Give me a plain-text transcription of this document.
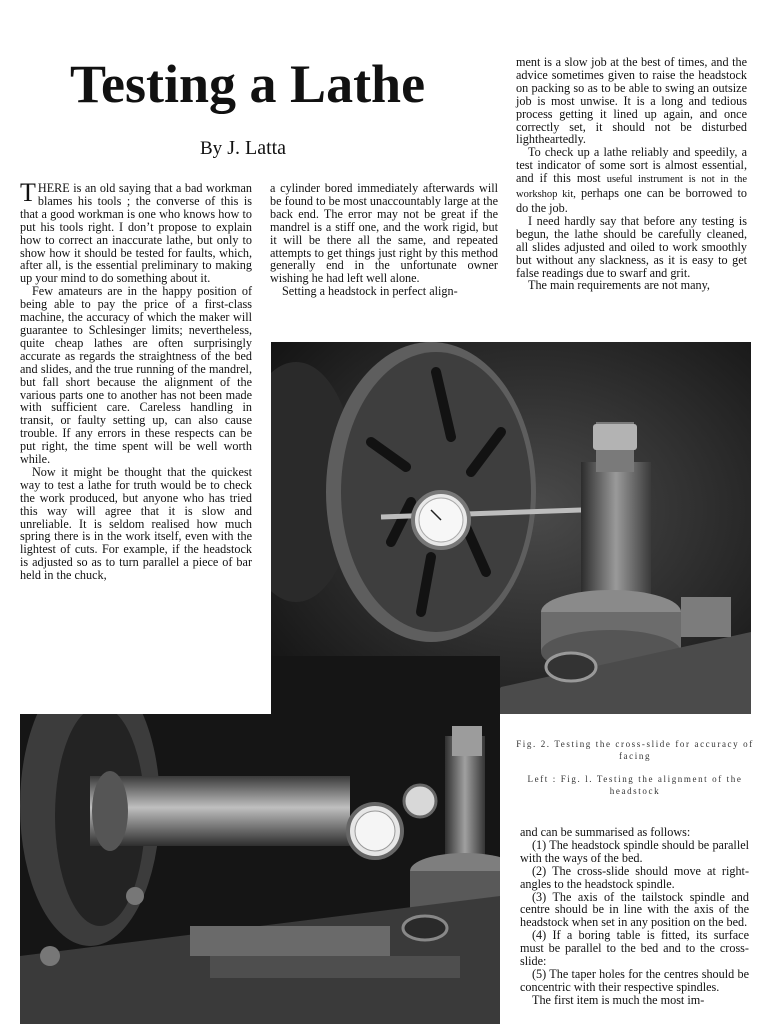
Testing a Lathe
By J. Latta

THERE is an old saying that a bad workman blames his tools ; the converse of this is that a good workman is one who knows how to put his tools right. I don’t propose to explain how to correct an inaccurate lathe, but only to show how it should be tested for faults, which, after all, is the essential preliminary to making up your mind to do something about it.

Few amateurs are in the happy position of being able to pay the price of a first-class machine, the accuracy of which the maker will guarantee to Schlesinger limits; nevertheless, quite cheap lathes are often surprisingly accurate as regards the straightness of the bed and slides, and the true running of the mandrel, but fall short because the alignment of the various parts one to another has not been made with sufficient care. Careless handling in transit, or faulty setting up, can also cause trouble. If any errors in these respects can be put right, the time spent will be well worth while.

Now it might be thought that the quickest way to test a lathe for truth would be to check the work produced, but anyone who has tried this way will agree that it is slow and unreliable. It is seldom realised how much spring there is in the work itself, even with the lightest of cuts. For example, if the headstock is adjusted so as to turn parallel a piece of bar held in the chuck,

a cylinder bored immediately afterwards will be found to be most unaccountably large at the back end. The error may not be great if the mandrel is a stiff one, and the work rigid, but it will be there all the same, and repeated attempts to get things just right by this method generally end in the unfortunate owner wishing he had left well alone.

Setting a headstock in perfect align-

ment is a slow job at the best of times, and the advice sometimes given to raise the headstock on packing so as to be able to swing an outsize job is most unwise. It is a long and tedious process getting it lined up again, and once correctly set, it should not be disturbed lightheartedly.

To check up a lathe reliably and speedily, a test indicator of some sort is almost essential, and if this most useful instrument is not in the workshop kit, perhaps one can be borrowed to do the job.

I need hardly say that before any testing is begun, the lathe should be carefully cleaned, all slides adjusted and oiled to work smoothly but without any slackness, as it is easy to get false readings due to swarf and grit.

The main requirements are not many,

Fig. 2. Testing the cross-slide for accuracy of facing
Left : Fig. l. Testing the alignment of the headstock

and can be summarised as follows:

(1) The headstock spindle should be parallel with the ways of the bed.

(2) The cross-slide should move at right-angles to the headstock spindle.

(3) The axis of the tailstock spindle and centre should be in line with the axis of the headstock when set in any position on the bed.

(4) If a boring table is fitted, its surface must be parallel to the bed and to the cross-slide:

(5) The taper holes for the centres should be concentric with their respective spindles.

The first item is much the most im-
